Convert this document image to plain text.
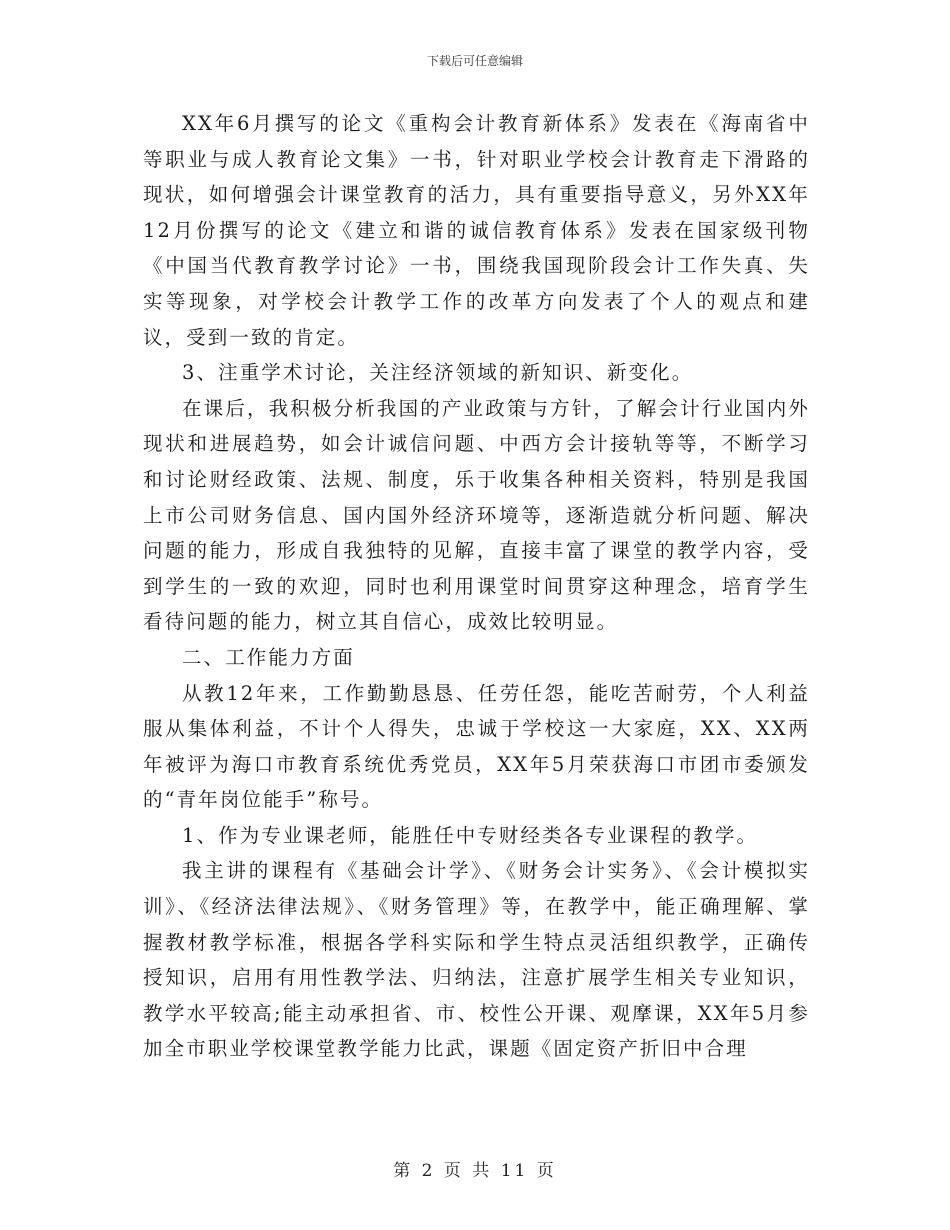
下载后可任意编辑

XX年6月撰写的论文《重构会计教育新体系》发表在《海南省中等职业与成人教育论文集》一书，针对职业学校会计教育走下滑路的现状，如何增强会计课堂教育的活力，具有重要指导意义，另外XX年12月份撰写的论文《建立和谐的诚信教育体系》发表在国家级刊物《中国当代教育教学讨论》一书，围绕我国现阶段会计工作失真、失实等现象，对学校会计教学工作的改革方向发表了个人的观点和建议，受到一致的肯定。

3、注重学术讨论，关注经济领域的新知识、新变化。

在课后，我积极分析我国的产业政策与方针，了解会计行业国内外现状和进展趋势，如会计诚信问题、中西方会计接轨等等，不断学习和讨论财经政策、法规、制度，乐于收集各种相关资料，特别是我国上市公司财务信息、国内国外经济环境等，逐渐造就分析问题、解决问题的能力，形成自我独特的见解，直接丰富了课堂的教学内容，受到学生的一致的欢迎，同时也利用课堂时间贯穿这种理念，培育学生看待问题的能力，树立其自信心，成效比较明显。

二、工作能力方面

从教12年来，工作勤勤恳恳、任劳任怨，能吃苦耐劳，个人利益服从集体利益，不计个人得失，忠诚于学校这一大家庭，XX、XX两年被评为海口市教育系统优秀党员，XX年5月荣获海口市团市委颁发的“青年岗位能手”称号。

1、作为专业课老师，能胜任中专财经类各专业课程的教学。

我主讲的课程有《基础会计学》、《财务会计实务》、《会计模拟实训》、《经济法律法规》、《财务管理》等，在教学中，能正确理解、掌握教材教学标准，根据各学科实际和学生特点灵活组织教学，正确传授知识，启用有用性教学法、归纳法，注意扩展学生相关专业知识，教学水平较高;能主动承担省、市、校性公开课、观摩课，XX年5月参加全市职业学校课堂教学能力比武，课题《固定资产折旧中合理

第 2 页 共 11 页
